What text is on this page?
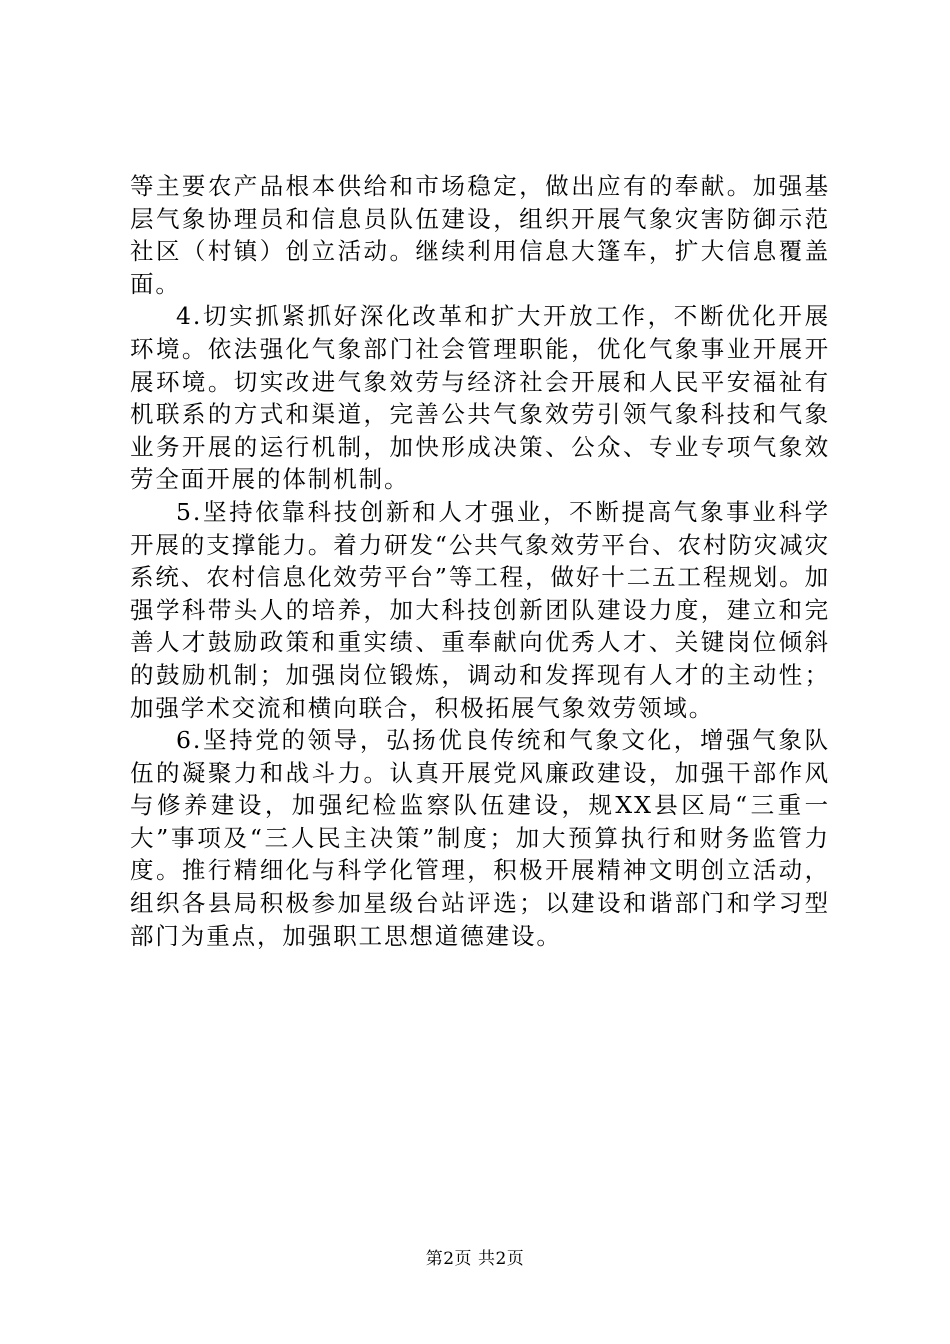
等主要农产品根本供给和市场稳定，做出应有的奉献。加强基层气象协理员和信息员队伍建设，组织开展气象灾害防御示范社区（村镇）创立活动。继续利用信息大篷车，扩大信息覆盖面。

4.切实抓紧抓好深化改革和扩大开放工作，不断优化开展环境。依法强化气象部门社会管理职能，优化气象事业开展开展环境。切实改进气象效劳与经济社会开展和人民平安福祉有机联系的方式和渠道，完善公共气象效劳引领气象科技和气象业务开展的运行机制，加快形成决策、公众、专业专项气象效劳全面开展的体制机制。

5.坚持依靠科技创新和人才强业，不断提高气象事业科学开展的支撑能力。着力研发“公共气象效劳平台、农村防灾减灾系统、农村信息化效劳平台”等工程，做好十二五工程规划。加强学科带头人的培养，加大科技创新团队建设力度，建立和完善人才鼓励政策和重实绩、重奉献向优秀人才、关键岗位倾斜的鼓励机制；加强岗位锻炼，调动和发挥现有人才的主动性；加强学术交流和横向联合，积极拓展气象效劳领域。

6.坚持党的领导，弘扬优良传统和气象文化，增强气象队伍的凝聚力和战斗力。认真开展党风廉政建设，加强干部作风与修养建设，加强纪检监察队伍建设，规XX县区局“三重一大”事项及“三人民主决策”制度；加大预算执行和财务监管力度。推行精细化与科学化管理，积极开展精神文明创立活动，组织各县局积极参加星级台站评选；以建设和谐部门和学习型部门为重点，加强职工思想道德建设。

第2页 共2页
